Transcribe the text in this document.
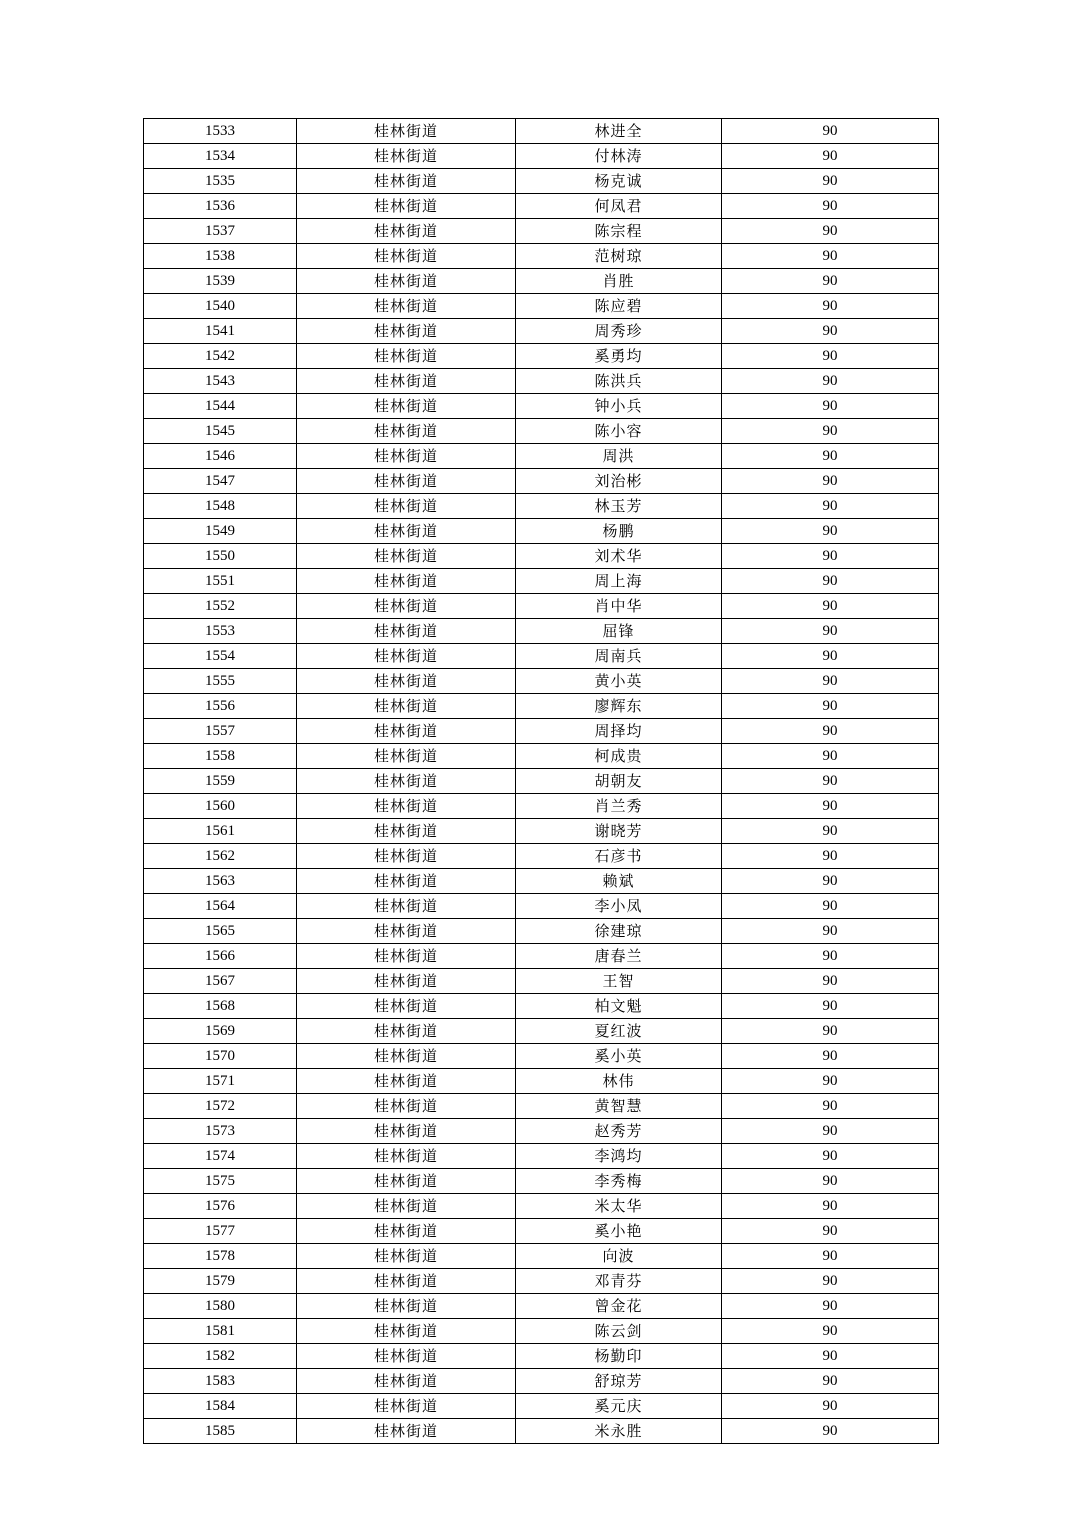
1533	桂林街道	林进全	90
1534	桂林街道	付林涛	90
1535	桂林街道	杨克诚	90
1536	桂林街道	何凤君	90
1537	桂林街道	陈宗程	90
1538	桂林街道	范树琼	90
1539	桂林街道	肖胜	90
1540	桂林街道	陈应碧	90
1541	桂林街道	周秀珍	90
1542	桂林街道	奚勇均	90
1543	桂林街道	陈洪兵	90
1544	桂林街道	钟小兵	90
1545	桂林街道	陈小容	90
1546	桂林街道	周洪	90
1547	桂林街道	刘治彬	90
1548	桂林街道	林玉芳	90
1549	桂林街道	杨鹏	90
1550	桂林街道	刘术华	90
1551	桂林街道	周上海	90
1552	桂林街道	肖中华	90
1553	桂林街道	屈锋	90
1554	桂林街道	周南兵	90
1555	桂林街道	黄小英	90
1556	桂林街道	廖辉东	90
1557	桂林街道	周择均	90
1558	桂林街道	柯成贵	90
1559	桂林街道	胡朝友	90
1560	桂林街道	肖兰秀	90
1561	桂林街道	谢晓芳	90
1562	桂林街道	石彦书	90
1563	桂林街道	赖斌	90
1564	桂林街道	李小凤	90
1565	桂林街道	徐建琼	90
1566	桂林街道	唐春兰	90
1567	桂林街道	王智	90
1568	桂林街道	柏文魁	90
1569	桂林街道	夏红波	90
1570	桂林街道	奚小英	90
1571	桂林街道	林伟	90
1572	桂林街道	黄智慧	90
1573	桂林街道	赵秀芳	90
1574	桂林街道	李鸿均	90
1575	桂林街道	李秀梅	90
1576	桂林街道	米太华	90
1577	桂林街道	奚小艳	90
1578	桂林街道	向波	90
1579	桂林街道	邓青芬	90
1580	桂林街道	曾金花	90
1581	桂林街道	陈云剑	90
1582	桂林街道	杨勤印	90
1583	桂林街道	舒琼芳	90
1584	桂林街道	奚元庆	90
1585	桂林街道	米永胜	90
